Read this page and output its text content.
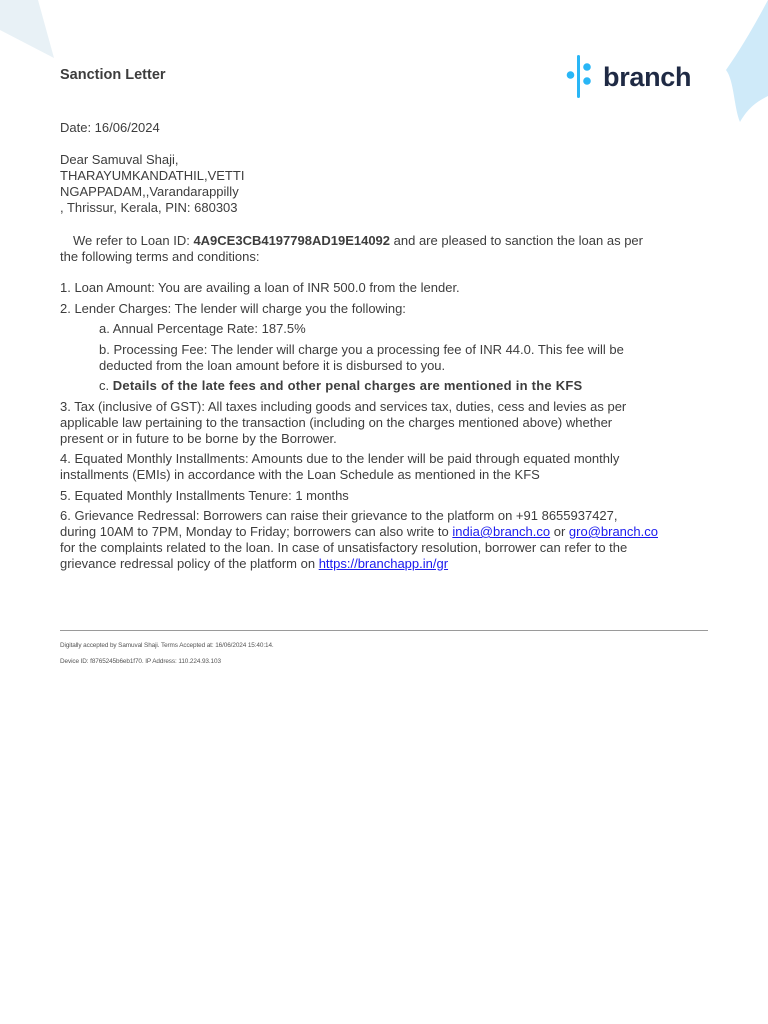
Sanction Letter	branch
Date: 16/06/2024
Dear Samuval Shaji,
THARAYUMKANDATHIL,VETTI
NGAPPADAM,,Varandarappilly
, Thrissur, Kerala, PIN: 680303
We refer to Loan ID: 4A9CE3CB4197798AD19E14092 and are pleased to sanction the loan as per
the following terms and conditions:
1. Loan Amount: You are availing a loan of INR 500.0 from the lender.
2. Lender Charges: The lender will charge you the following:
a. Annual Percentage Rate: 187.5%
b. Processing Fee: The lender will charge you a processing fee of INR 44.0. This fee will be
deducted from the loan amount before it is disbursed to you.
c. Details of the late fees and other penal charges are mentioned in the KFS
3. Tax (inclusive of GST): All taxes including goods and services tax, duties, cess and levies as per
applicable law pertaining to the transaction (including on the charges mentioned above) whether
present or in future to be borne by the Borrower.
4. Equated Monthly Installments: Amounts due to the lender will be paid through equated monthly
installments (EMIs) in accordance with the Loan Schedule as mentioned in the KFS
5. Equated Monthly Installments Tenure: 1 months
6. Grievance Redressal: Borrowers can raise their grievance to the platform on +91 8655937427,
during 10AM to 7PM, Monday to Friday; borrowers can also write to india@branch.co or gro@branch.co
for the complaints related to the loan. In case of unsatisfactory resolution, borrower can refer to the
grievance redressal policy of the platform on https://branchapp.in/gr
Digitally accepted by Samuval Shaji. Terms Accepted at: 16/06/2024 15:40:14.
Device ID: f8765245b6eb1f70. IP Address: 110.224.93.103
